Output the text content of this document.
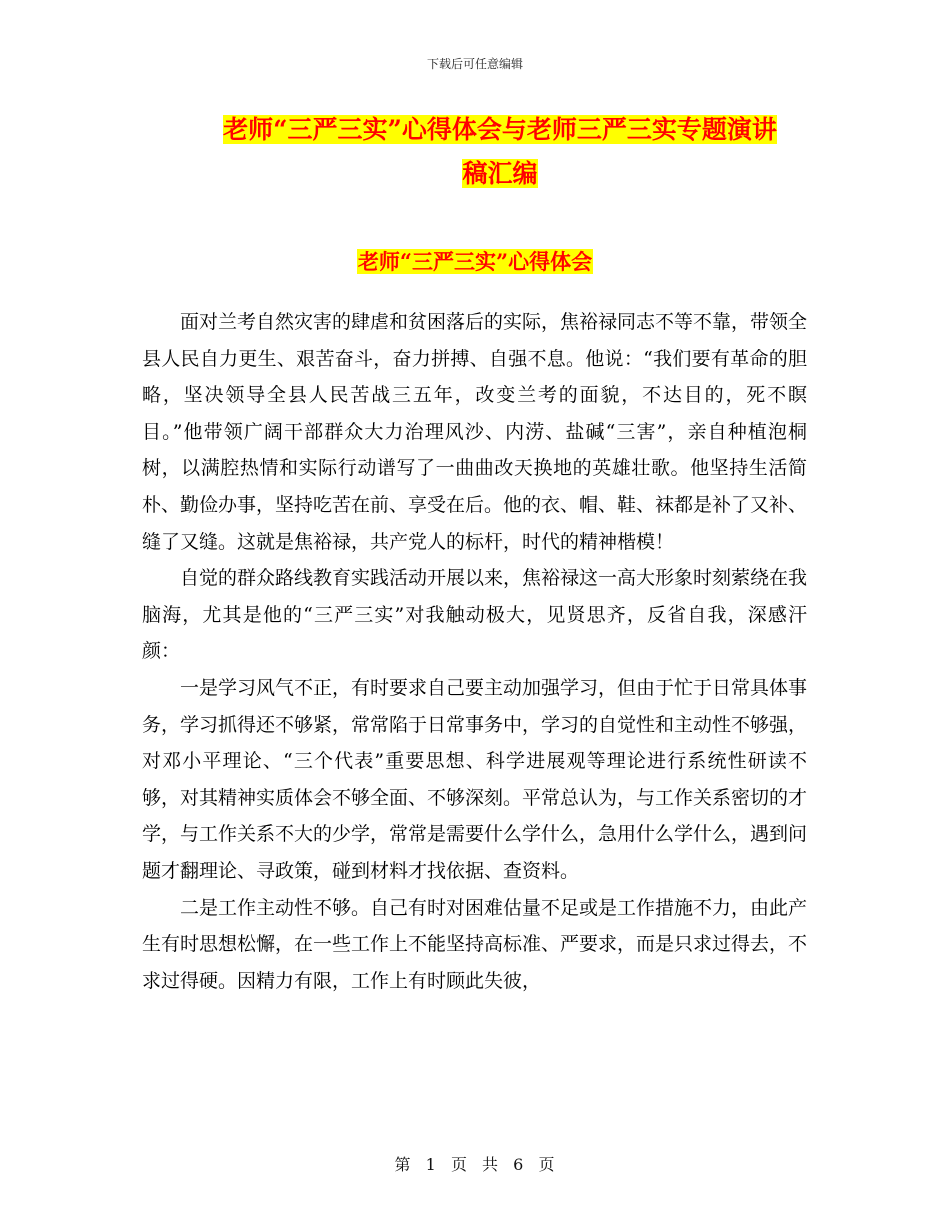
下载后可任意编辑
老师“三严三实”心得体会与老师三严三实专题演讲
稿汇编
老师“三严三实”心得体会

面对兰考自然灾害的肆虐和贫困落后的实际，焦裕禄同志不等不靠，带领全县人民自力更生、艰苦奋斗，奋力拼搏、自强不息。他说：“我们要有革命的胆略，坚决领导全县人民苦战三五年，改变兰考的面貌，不达目的，死不瞑目。”他带领广阔干部群众大力治理风沙、内涝、盐碱“三害”，亲自种植泡桐树，以满腔热情和实际行动谱写了一曲曲改天换地的英雄壮歌。他坚持生活简朴、勤俭办事，坚持吃苦在前、享受在后。他的衣、帽、鞋、袜都是补了又补、缝了又缝。这就是焦裕禄，共产党人的标杆，时代的精神楷模！

自觉的群众路线教育实践活动开展以来，焦裕禄这一高大形象时刻萦绕在我脑海，尤其是他的“三严三实”对我触动极大，见贤思齐，反省自我，深感汗颜：

一是学习风气不正，有时要求自己要主动加强学习，但由于忙于日常具体事务，学习抓得还不够紧，常常陷于日常事务中，学习的自觉性和主动性不够强，对邓小平理论、“三个代表”重要思想、科学进展观等理论进行系统性研读不够，对其精神实质体会不够全面、不够深刻。平常总认为，与工作关系密切的才学，与工作关系不大的少学，常常是需要什么学什么，急用什么学什么，遇到问题才翻理论、寻政策，碰到材料才找依据、查资料。

二是工作主动性不够。自己有时对困难估量不足或是工作措施不力，由此产生有时思想松懈，在一些工作上不能坚持高标准、严要求，而是只求过得去，不求过得硬。因精力有限，工作上有时顾此失彼，

第 1 页 共 6 页
